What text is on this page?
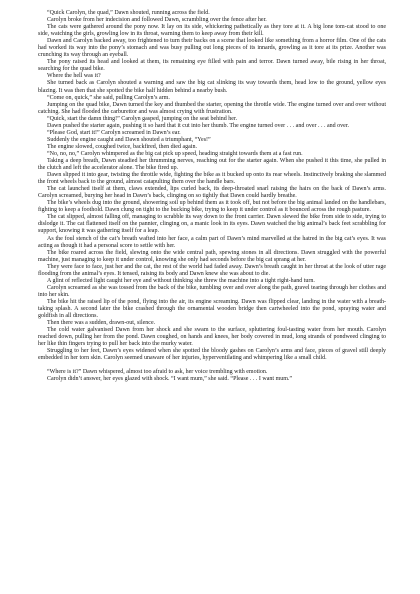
“Quick Carolyn, the quad,” Dawn shouted, running across the field.

Carolyn broke from her indecision and followed Dawn, scrambling over the fence after her.

The cats were gathered around the pony now. It lay on its side, whickering pathetically as they tore at it. A big lone tom-cat stood to one side, watching the girls, growling low in its throat, warning them to keep away from their kill.

Dawn and Carolyn backed away, too frightened to turn their backs on a scene that looked like something from a horror film. One of the cats had worked its way into the pony’s stomach and was busy pulling out long pieces of its innards, growling as it tore at its prize. Another was crunching its way through an eyeball.

The pony raised its head and looked at them, its remaining eye filled with pain and terror. Dawn turned away, bile rising in her throat, searching for the quad bike.

Where the hell was it?

She turned back as Carolyn shouted a warning and saw the big cat slinking its way towards them, head low to the ground, yellow eyes blazing. It was then that she spotted the bike half hidden behind a nearby bush.

“Come on, quick,” she said, pulling Carolyn’s arm.

Jumping on the quad bike, Dawn turned the key and thumbed the starter, opening the throttle wide. The engine turned over and over without catching. She had flooded the carburettor and was almost crying with frustration.

“Quick, start the damn thing!” Carolyn gasped, jumping on the seat behind her.

Dawn pushed the starter again, pushing it so hard that it cut into her thumb. The engine turned over . . . and over . . . and over.

“Please God, start it!” Carolyn screamed in Dawn’s ear.

Suddenly the engine caught and Dawn shouted a triumphant, “Yes!”

The engine slowed, coughed twice, backfired, then died again.

“No, no, no,” Carolyn whimpered as the big cat pick up speed, heading straight towards them at a fast run.

Taking a deep breath, Dawn steadied her thrumming nerves, reaching out for the starter again. When she pushed it this time, she pulled in the clutch and left the accelerator alone. The bike fired up.

Dawn slipped it into gear, twisting the throttle wide, fighting the bike as it bucked up onto its rear wheels. Instinctively braking she slammed the front wheels back to the ground, almost catapulting them over the handle bars.

The cat launched itself at them, claws extended, lips curled back, its deep-throated snarl raising the hairs on the back of Dawn’s arms. Carolyn screamed, burying her head in Dawn’s back, clinging on so tightly that Dawn could hardly breathe.

The bike’s wheels dug into the ground, showering soil up behind them as it took off, but not before the big animal landed on the handlebars, fighting to keep a foothold. Dawn clung on tight to the bucking bike, trying to keep it under control as it bounced across the rough pasture.

The cat slipped, almost falling off, managing to scrabble its way down to the front carrier. Dawn slewed the bike from side to side, trying to dislodge it. The cat flattened itself on the pannier, clinging on, a manic look in its eyes. Dawn watched the big animal’s back feet scrabbling for support, knowing it was gathering itself for a leap.

As the foul stench of the cat’s breath wafted into her face, a calm part of Dawn’s mind marvelled at the hatred in the big cat’s eyes. It was acting as though it had a personal score to settle with her.

The bike roared across the field, slewing onto the wide central path, spewing stones in all directions. Dawn struggled with the powerful machine, just managing to keep it under control, knowing she only had seconds before the big cat sprang at her.

They were face to face, just her and the cat, the rest of the world had faded away. Dawn’s breath caught in her throat at the look of utter rage flooding from the animal’s eyes. It tensed, raising its body and Dawn knew she was about to die.

A glint of reflected light caught her eye and without thinking she threw the machine into a tight right-hand turn.

Carolyn screamed as she was tossed from the back of the bike, tumbling over and over along the path, gravel tearing through her clothes and into her skin.

The bike hit the raised lip of the pond, flying into the air, its engine screaming. Dawn was flipped clear, landing in the water with a breath-taking splash. A second later the bike crashed through the ornamental wooden bridge then cartwheeled into the pond, spraying water and goldfish in all directions.

Then there was a sudden, drawn-out, silence.

The cold water galvanised Dawn from her shock and she swam to the surface, spluttering foul-tasting water from her mouth. Carolyn reached down, pulling her from the pond. Dawn coughed, on hands and knees, her body covered in mud, long strands of pondweed clinging to her like thin fingers trying to pull her back into the murky water.

Struggling to her feet, Dawn’s eyes widened when she spotted the bloody gashes on Carolyn’s arms and face, pieces of gravel still deeply embedded in her torn skin. Carolyn seemed unaware of her injuries, hyperventilating and whimpering like a small child.

“Where is it?” Dawn whispered, almost too afraid to ask, her voice trembling with emotion.

Carolyn didn’t answer, her eyes glazed with shock. “I want mum,” she said. “Please . . . I want mum.”
